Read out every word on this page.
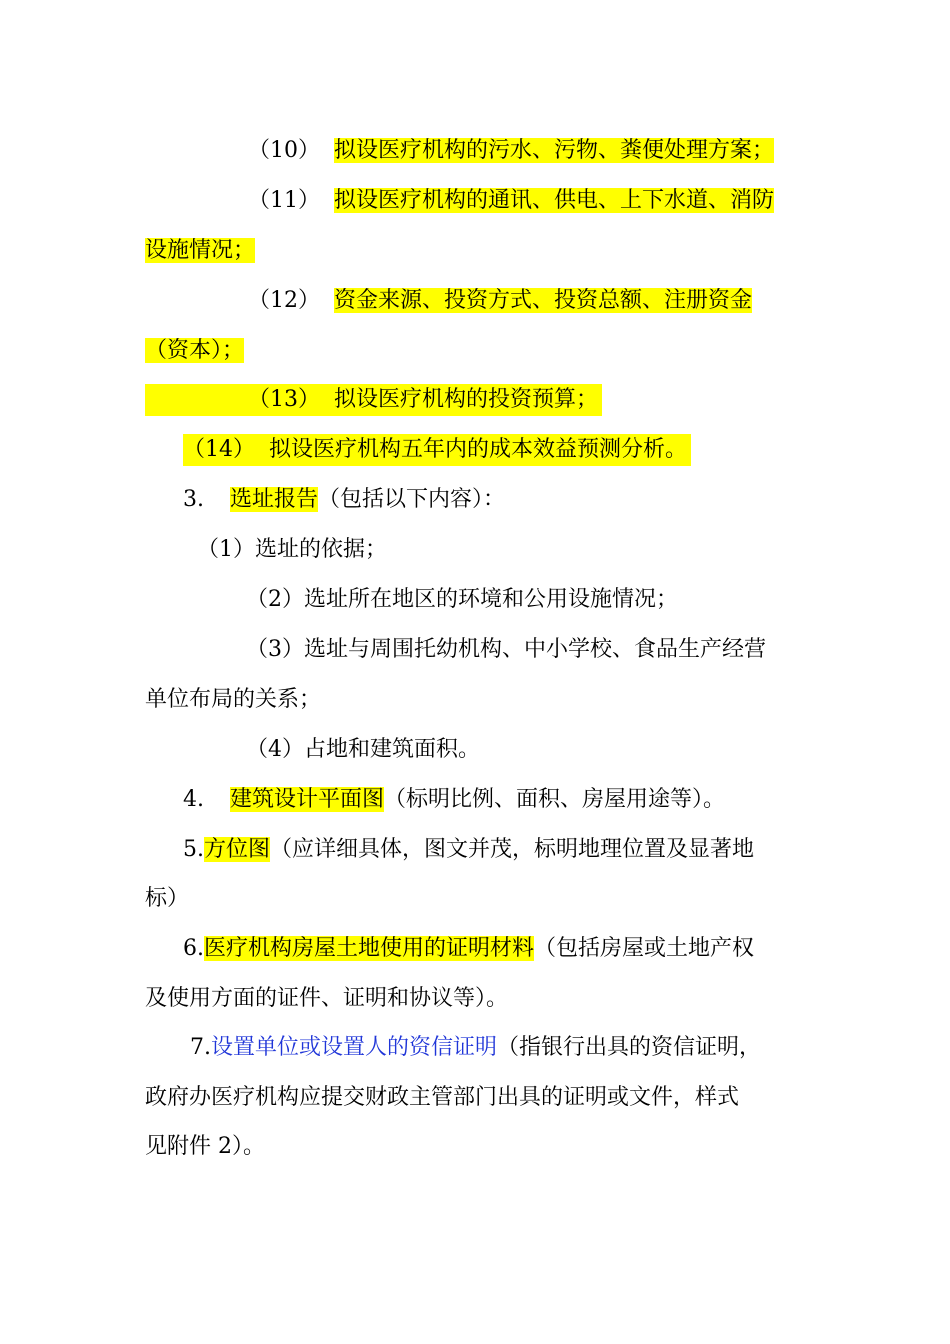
（10） 拟设医疗机构的污水、污物、粪便处理方案；
（11） 拟设医疗机构的通讯、供电、上下水道、消防
设施情况；
（12） 资金来源、投资方式、投资总额、注册资金
（资本）；
（13） 拟设医疗机构的投资预算；
（14） 拟设医疗机构五年内的成本效益预测分析。
3. 选址报告（包括以下内容）：
（1）选址的依据；
（2）选址所在地区的环境和公用设施情况；
（3）选址与周围托幼机构、中小学校、食品生产经营
单位布局的关系；
（4）占地和建筑面积。
4. 建筑设计平面图（标明比例、面积、房屋用途等）。
5.方位图（应详细具体，图文并茂，标明地理位置及显著地
标）
6.医疗机构房屋土地使用的证明材料（包括房屋或土地产权
及使用方面的证件、证明和协议等）。
7.设置单位或设置人的资信证明（指银行出具的资信证明，
政府办医疗机构应提交财政主管部门出具的证明或文件，样式
见附件 2）。
